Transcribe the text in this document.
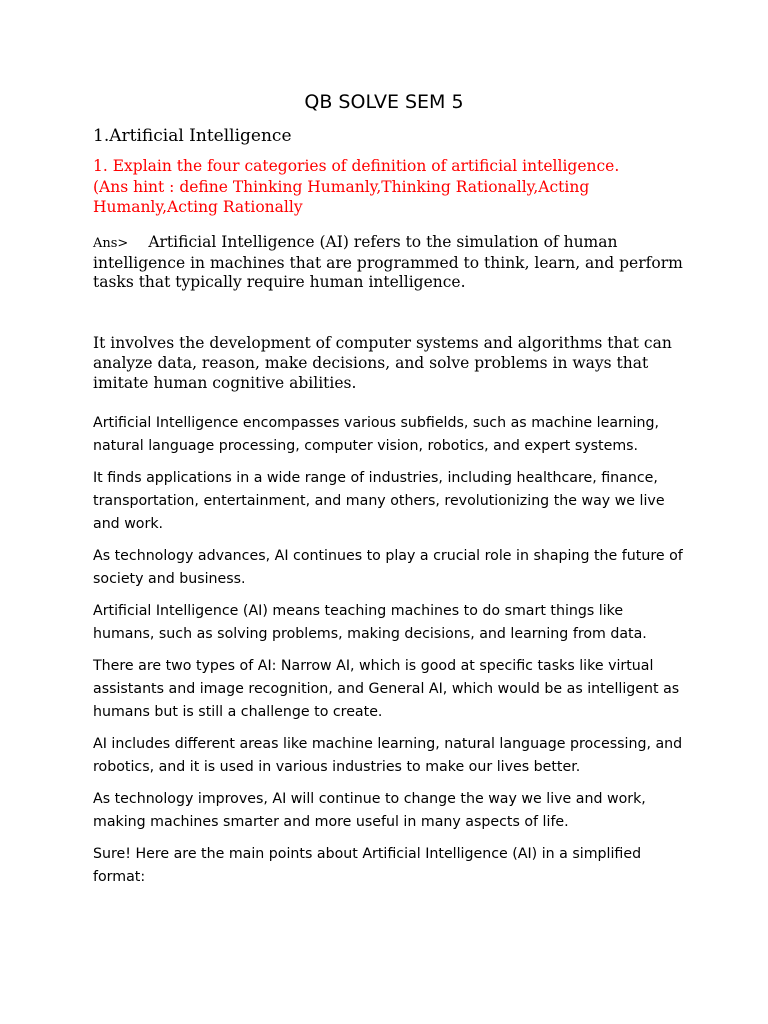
QB SOLVE SEM 5
1.Artificial Intelligence
1. Explain the four categories of definition of artificial intelligence.(Ans hint : define Thinking Humanly,Thinking Rationally,Acting Humanly,Acting Rationally
Ans> Artificial Intelligence (AI) refers to the simulation of human intelligence in machines that are programmed to think, learn, and perform tasks that typically require human intelligence.
It involves the development of computer systems and algorithms that can analyze data, reason, make decisions, and solve problems in ways that imitate human cognitive abilities.

Artificial Intelligence encompasses various subfields, such as machine learning, natural language processing, computer vision, robotics, and expert systems.

It finds applications in a wide range of industries, including healthcare, finance, transportation, entertainment, and many others, revolutionizing the way we live and work.

As technology advances, AI continues to play a crucial role in shaping the future of society and business.

Artificial Intelligence (AI) means teaching machines to do smart things like humans, such as solving problems, making decisions, and learning from data.

There are two types of AI: Narrow AI, which is good at specific tasks like virtual assistants and image recognition, and General AI, which would be as intelligent as humans but is still a challenge to create.

AI includes different areas like machine learning, natural language processing, and robotics, and it is used in various industries to make our lives better.

As technology improves, AI will continue to change the way we live and work, making machines smarter and more useful in many aspects of life.

Sure! Here are the main points about Artificial Intelligence (AI) in a simplified format:
